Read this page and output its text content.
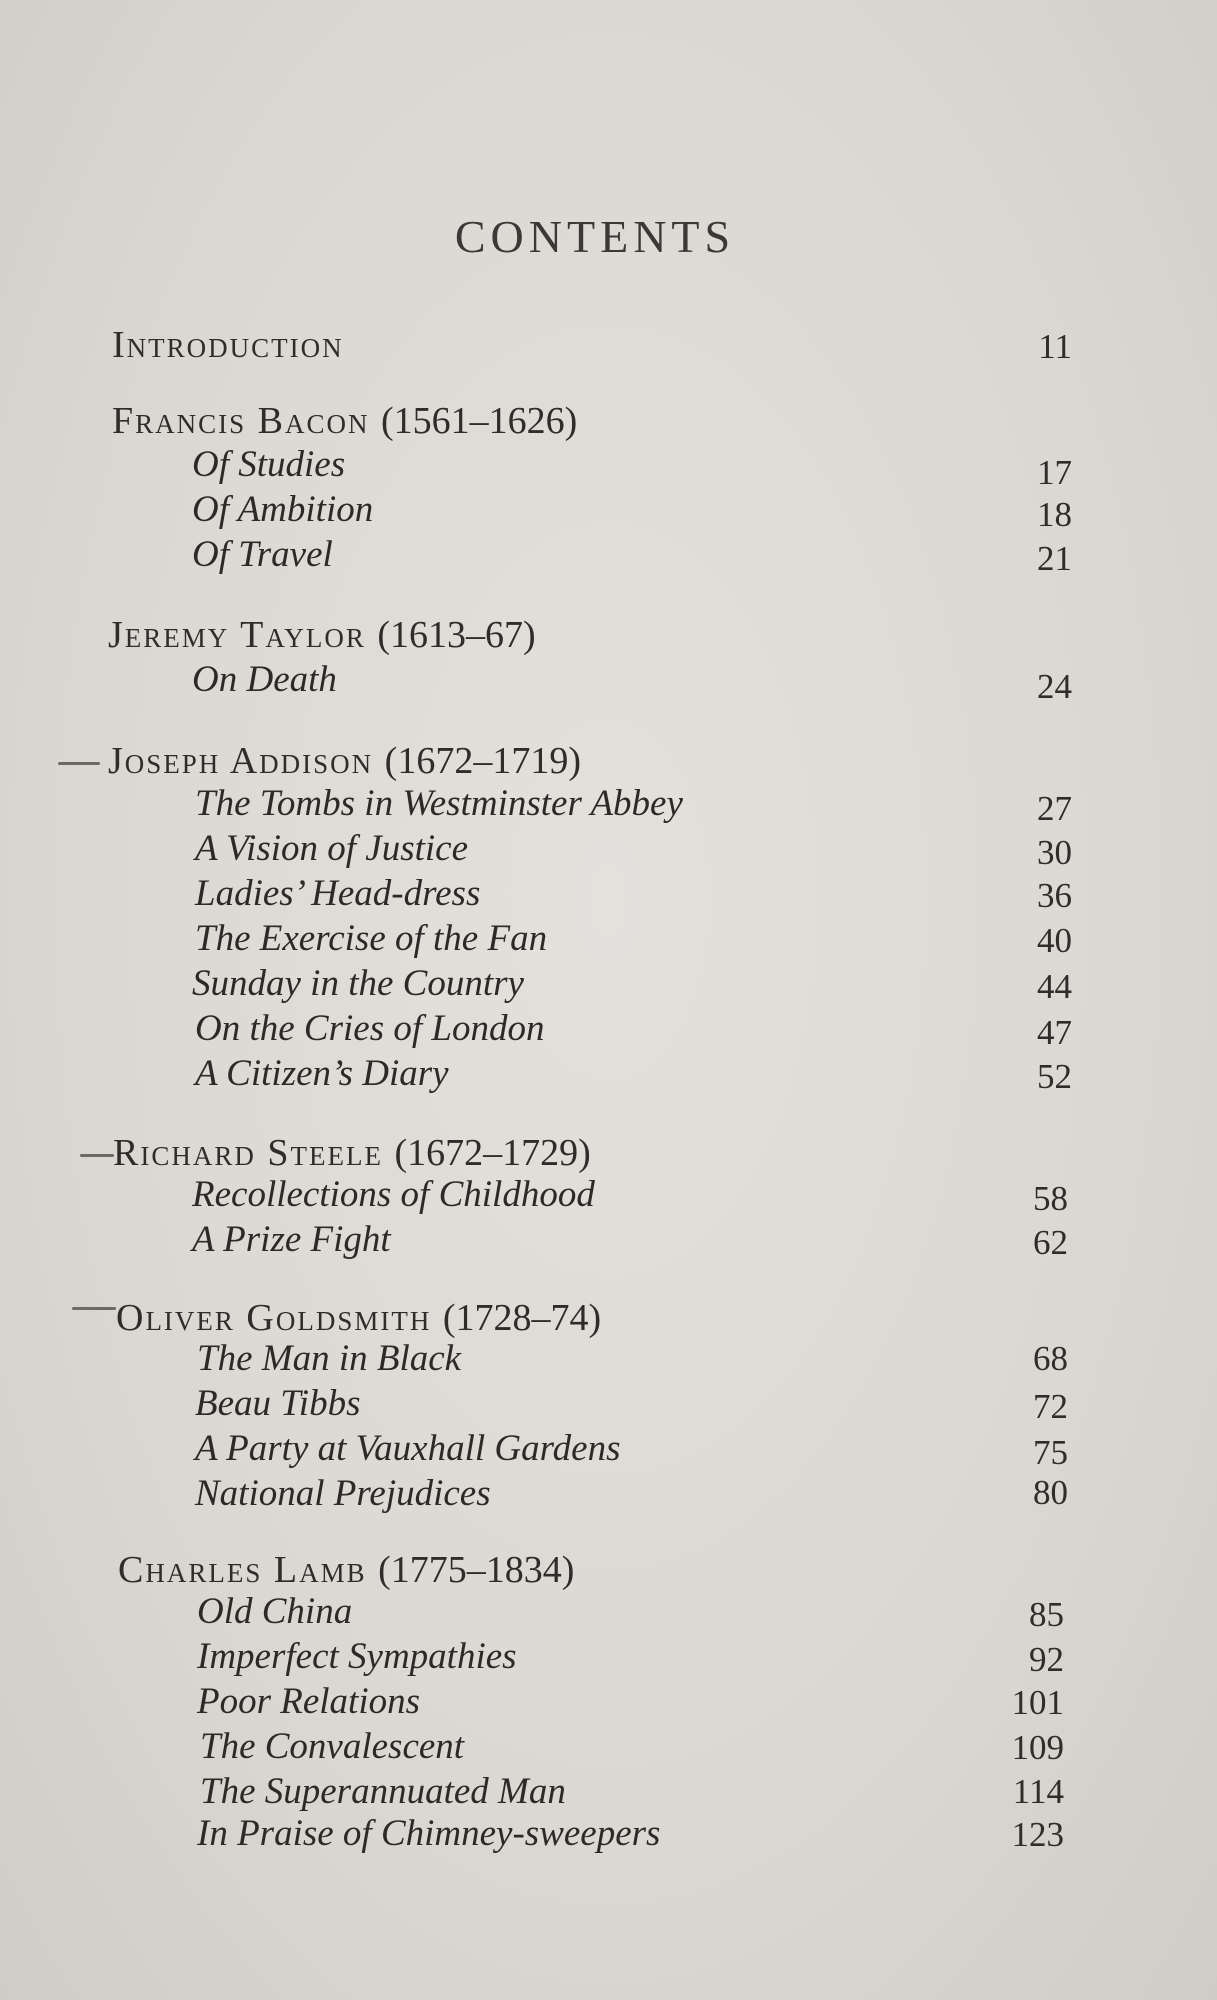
CONTENTS
Introduction	11
Francis Bacon (1561–1626)
Of Studies	17
Of Ambition	18
Of Travel	21
Jeremy Taylor (1613–67)
On Death	24
Joseph Addison (1672–1719)
The Tombs in Westminster Abbey	27
A Vision of Justice	30
Ladies’ Head-dress	36
The Exercise of the Fan	40
Sunday in the Country	44
On the Cries of London	47
A Citizen’s Diary	52
Richard Steele (1672–1729)
Recollections of Childhood	58
A Prize Fight	62
Oliver Goldsmith (1728–74)
The Man in Black	68
Beau Tibbs	72
A Party at Vauxhall Gardens	75
National Prejudices	80
Charles Lamb (1775–1834)
Old China	85
Imperfect Sympathies	92
Poor Relations	101
The Convalescent	109
The Superannuated Man	114
In Praise of Chimney-sweepers	123
